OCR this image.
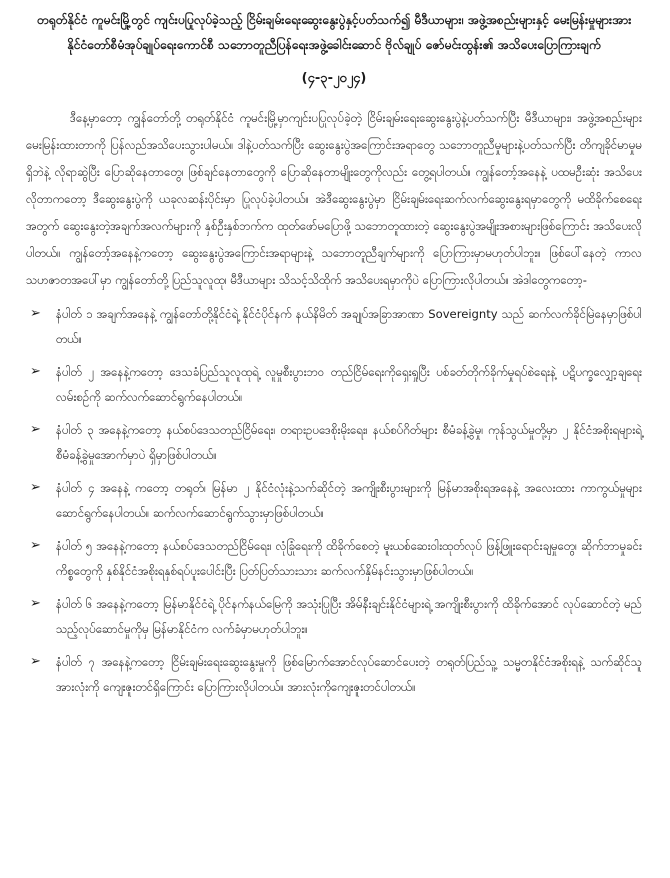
တရုတ်နိုင်ငံ ကူမင်းမြို့တွင် ကျင်းပပြုလုပ်ခဲ့သည့် ငြိမ်းချမ်းရေးဆွေးနွေးပွဲနှင့်ပတ်သက်၍ မီဒီယာများ၊ အဖွဲ့အစည်းများနှင့် မေးမြန်းမှုများအား နိုင်ငံတော်စီမံအုပ်ချုပ်ရေးကောင်စီ သဘောတူညီပြန်ရေးအဖွဲ့ခေါင်းဆောင် ဗိုလ်ချုပ် ဇော်မင်းထွန်း၏ အသိပေးပြောကြားချက်
(၄-၃-၂၀၂၄)

ဒီနေ့မှာတော့ ကျွန်တော်တို့ တရုတ်နိုင်ငံ ကူမင်းမြို့မှာကျင်းပပြုလုပ်ခဲ့တဲ့ ငြိမ်းချမ်းရေးဆွေးနွေးပွဲနဲ့ပတ်သက်ပြီး မီဒီယာများ၊ အဖွဲ့အစည်းများ မေးမြန်းထားတာကို ပြန်လည်အသိပေးသွားပါမယ်။ ဒါနဲ့ပတ်သက်ပြီး ဆွေးနွေးပွဲအကြောင်းအရာတွေ သဘောတူညီမှုများနဲ့ပတ်သက်ပြီး တိကျခိုင်မာမှုမရှိဘဲနဲ့ လိုရာဆွဲပြီး ပြောဆိုနေတာတွေ၊ ဖြစ်ချင်နေတာတွေကို ပြောဆိုနေတာမျိုးတွေကိုလည်း တွေ့ရပါတယ်။ ကျွန်တော့်အနေနဲ့ ပထမဦးဆုံး အသိပေးလိုတာကတော့ ဒီဆွေးနွေးပွဲကို ယခုလဆန်းပိုင်းမှာ ပြုလုပ်ခဲ့ပါတယ်။ အဲဒီဆွေးနွေးပွဲမှာ ငြိမ်းချမ်းရေးဆက်လက်ဆွေးနွေးရမှာတွေကို မထိခိုက်စေရေးအတွက် ဆွေးနွေးတဲ့အချက်အလက်များကို နှစ်ဦးနှစ်ဘက်က ထုတ်ဖော်မပြောဖို့ သဘောတူထားတဲ့ ဆွေးနွေးပွဲအမျိုးအစားများဖြစ်ကြောင်း အသိပေးလိုပါတယ်။ ကျွန်တော့်အနေနဲ့ကတော့ ဆွေးနွေးပွဲအကြောင်းအရာများနဲ့ သဘောတူညီချက်များကို ပြောကြားမှာမဟုတ်ပါဘူး။ ဖြစ်ပေါ်နေတဲ့ ကာလသဟဇာတအပေါ်မှာ ကျွန်တော်တို့ ပြည်သူလူထု၊ မီဒီယာများ သိသင့်သိထိုက် အသိပေးရမှာကိုပဲ ပြောကြားလိုပါတယ်။ အဲဒါတွေကတော့-

➢ နံပါတ် ၁ အချက်အနေနဲ့ ကျွန်တော်တို့နိုင်ငံရဲ့ နိုင်ငံပိုင်နက် နယ်နိမိတ် အချုပ်အခြာအာဏာ Sovereignty သည် ဆက်လက်ခိုင်မြဲနေမှာဖြစ်ပါတယ်။
➢ နံပါတ် ၂ အနေနဲ့ကတော့ ဒေသခံပြည်သူလူထုရဲ့ လူမှုစီးပွားဘဝ တည်ငြိမ်ရေးကိုရှေးရှုပြီး ပစ်ခတ်တိုက်ခိုက်မှုရပ်စဲရေးနဲ့ ပဋိပက္ခလျှော့ချရေး လမ်းစဉ်ကို ဆက်လက်ဆောင်ရွက်နေပါတယ်။
➢ နံပါတ် ၃ အနေနဲ့ကတော့ နယ်စပ်ဒေသတည်ငြိမ်ရေး၊ တရားဥပဒေစိုးမိုးရေး၊ နယ်စပ်ဂိတ်များ စီမံခန့်ခွဲမှု၊ ကုန်သွယ်မှုတို့မှာ ၂ နိုင်ငံအစိုးရများရဲ့ စီမံခန့်ခွဲမှုအောက်မှာပဲ ရှိမှာဖြစ်ပါတယ်။
➢ နံပါတ် ၄ အနေနဲ့ ကတော့ တရုတ်၊ မြန်မာ ၂ နိုင်ငံလုံးနဲ့သက်ဆိုင်တဲ့ အကျိုးစီးပွားများကို မြန်မာအစိုးရအနေနဲ့ အလေးထား ကာကွယ်မှုများ ဆောင်ရွက်နေပါတယ်။ ဆက်လက်ဆောင်ရွက်သွားမှာဖြစ်ပါတယ်။
➢ နံပါတ် ၅ အနေနဲ့ကတော့ နယ်စပ်ဒေသတည်ငြိမ်ရေး၊ လုံခြုံရေးကို ထိခိုက်စေတဲ့ မူးယစ်ဆေးဝါးထုတ်လုပ် ဖြန့်ဖြူးရောင်းချမှုတွေ၊ ဆိုက်ဘာမှုခင်းကိစ္စတွေကို နှစ်နိုင်ငံအစိုးရနှစ်ရပ်ပူးပေါင်းပြီး ပြတ်ပြတ်သားသား ဆက်လက်နှိမ်နင်းသွားမှာဖြစ်ပါတယ်။
➢ နံပါတ် ၆ အနေနဲ့ကတော့ မြန်မာနိုင်ငံရဲ့ ပိုင်နက်နယ်မြေကို အသုံးပြုပြီး အိမ်နီးချင်းနိုင်ငံများရဲ့ အကျိုးစီးပွားကို ထိခိုက်အောင် လုပ်ဆောင်တဲ့ မည်သည့်လုပ်ဆောင်မှုကိုမှ မြန်မာနိုင်ငံက လက်ခံမှာမဟုတ်ပါဘူး။
➢ နံပါတ် ၇ အနေနဲ့ကတော့ ငြိမ်းချမ်းရေးဆွေးနွေးမှုကို ဖြစ်မြောက်အောင်လုပ်ဆောင်ပေးတဲ့ တရုတ်ပြည်သူ့ သမ္မတနိုင်ငံအစိုးရနဲ့ သက်ဆိုင်သူအားလုံးကို ကျေးဇူးတင်ရှိကြောင်း ပြောကြားလိုပါတယ်။ အားလုံးကိုကျေးဇူးတင်ပါတယ်။
